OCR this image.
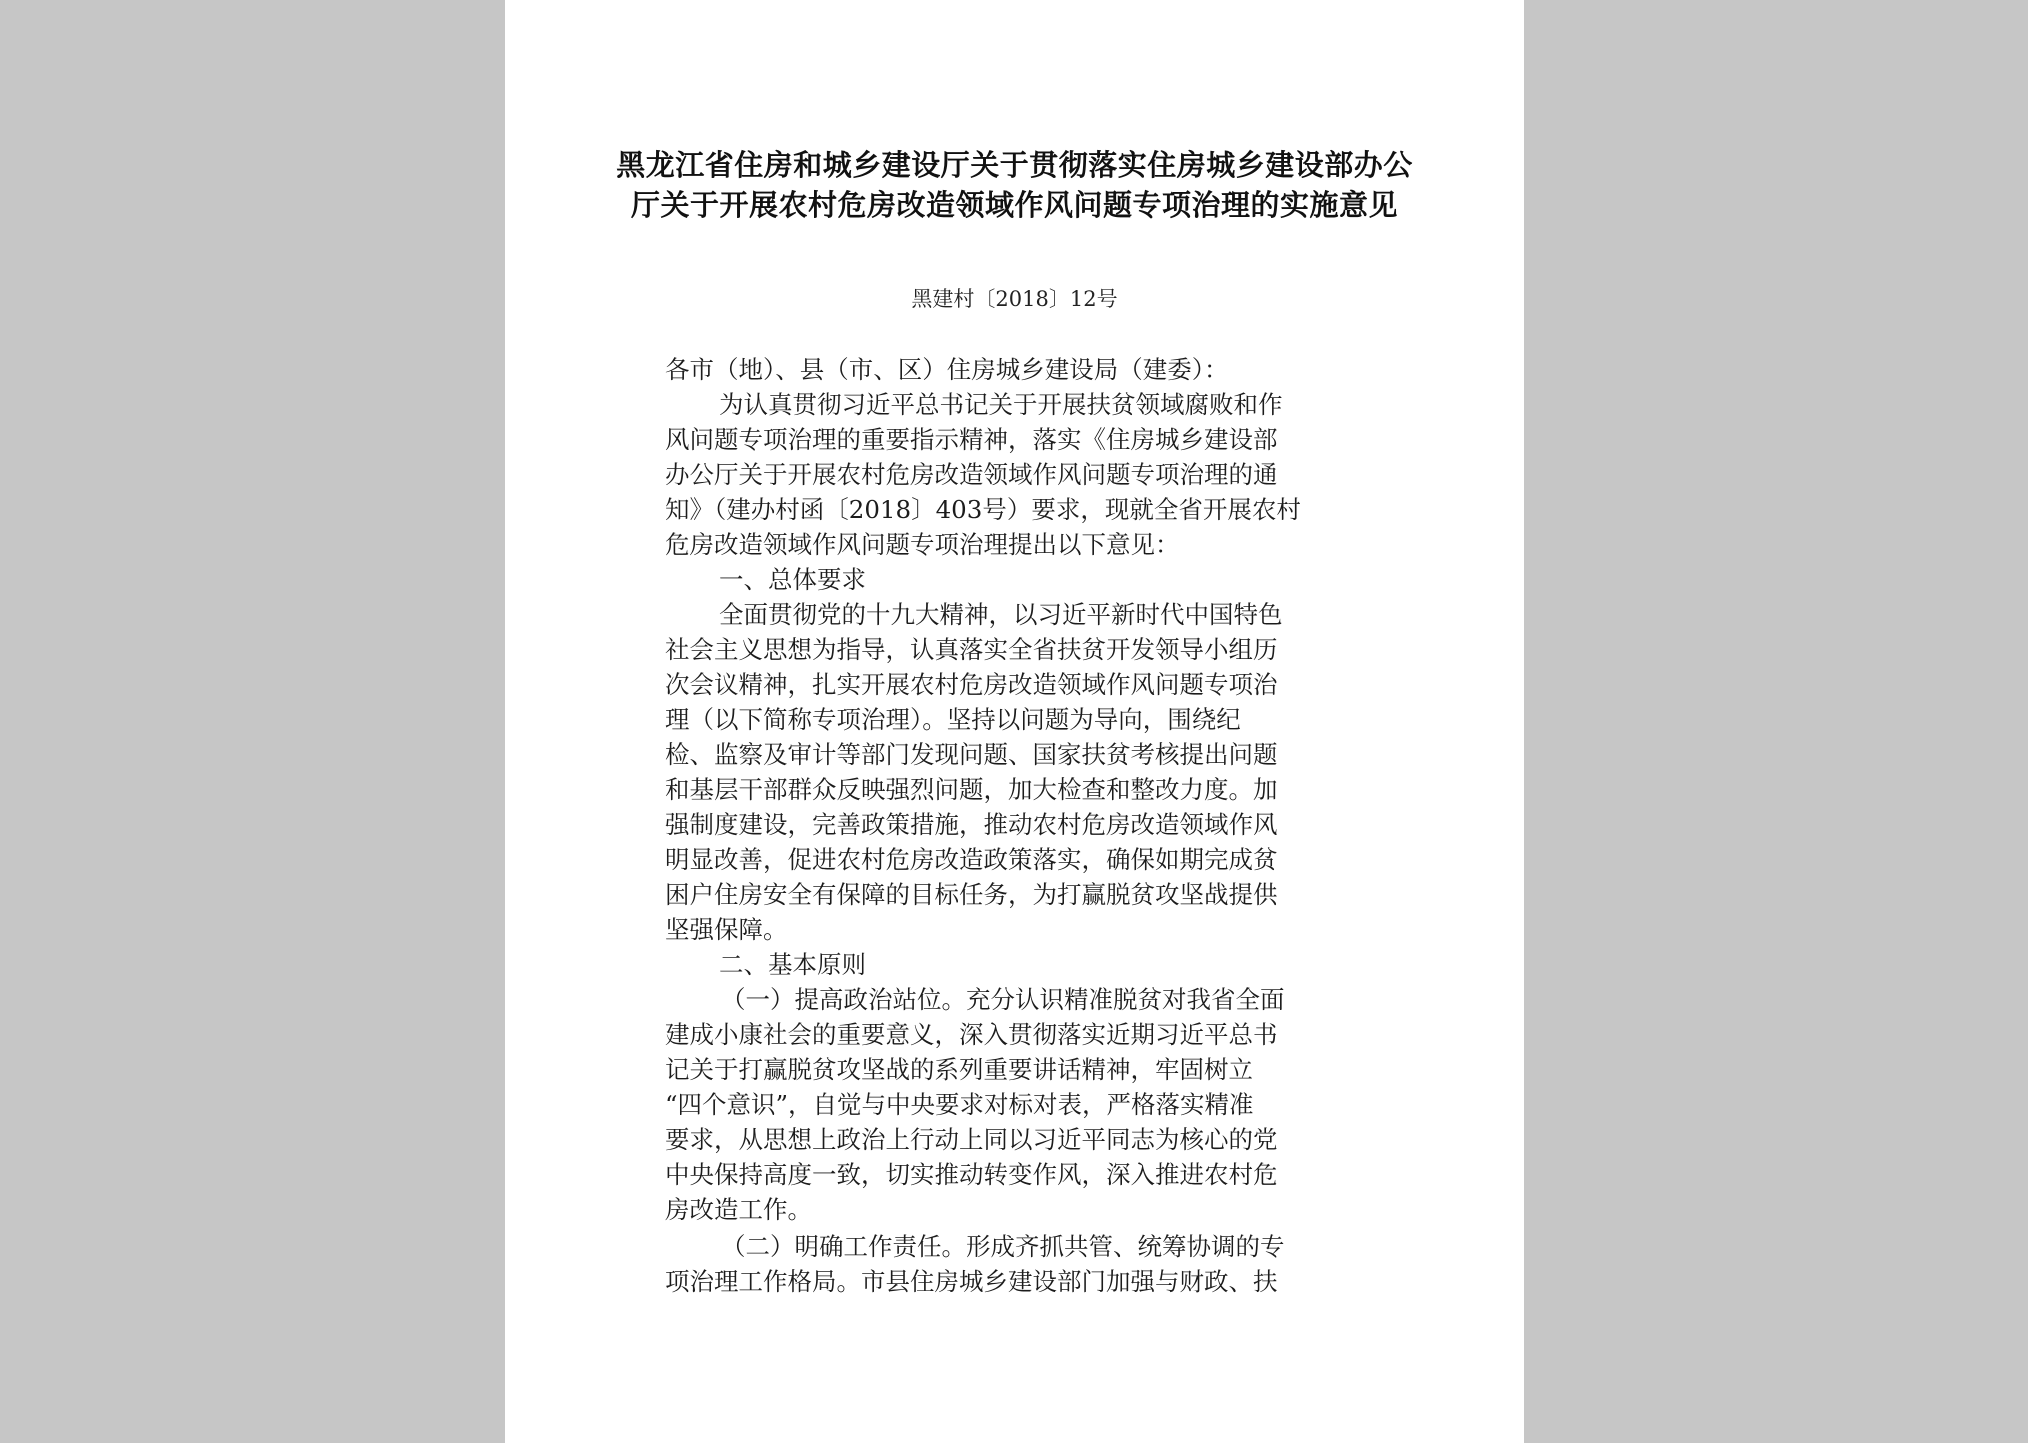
黑龙江省住房和城乡建设厅关于贯彻落实住房城乡建设部办公
厅关于开展农村危房改造领域作风问题专项治理的实施意见
黑建村〔2018〕12号
各市（地）、县（市、区）住房城乡建设局（建委）：
为认真贯彻习近平总书记关于开展扶贫领域腐败和作
风问题专项治理的重要指示精神，落实《住房城乡建设部
办公厅关于开展农村危房改造领域作风问题专项治理的通
知》（建办村函〔2018〕403号）要求，现就全省开展农村
危房改造领域作风问题专项治理提出以下意见：
一、总体要求
全面贯彻党的十九大精神，以习近平新时代中国特色
社会主义思想为指导，认真落实全省扶贫开发领导小组历
次会议精神，扎实开展农村危房改造领域作风问题专项治
理（以下简称专项治理）。坚持以问题为导向，围绕纪
检、监察及审计等部门发现问题、国家扶贫考核提出问题
和基层干部群众反映强烈问题，加大检查和整改力度。加
强制度建设，完善政策措施，推动农村危房改造领域作风
明显改善，促进农村危房改造政策落实，确保如期完成贫
困户住房安全有保障的目标任务，为打赢脱贫攻坚战提供
坚强保障。
二、基本原则
（一）提高政治站位。充分认识精准脱贫对我省全面
建成小康社会的重要意义，深入贯彻落实近期习近平总书
记关于打赢脱贫攻坚战的系列重要讲话精神，牢固树立
“四个意识”，自觉与中央要求对标对表，严格落实精准
要求，从思想上政治上行动上同以习近平同志为核心的党
中央保持高度一致，切实推动转变作风，深入推进农村危
房改造工作。
（二）明确工作责任。形成齐抓共管、统筹协调的专
项治理工作格局。市县住房城乡建设部门加强与财政、扶
